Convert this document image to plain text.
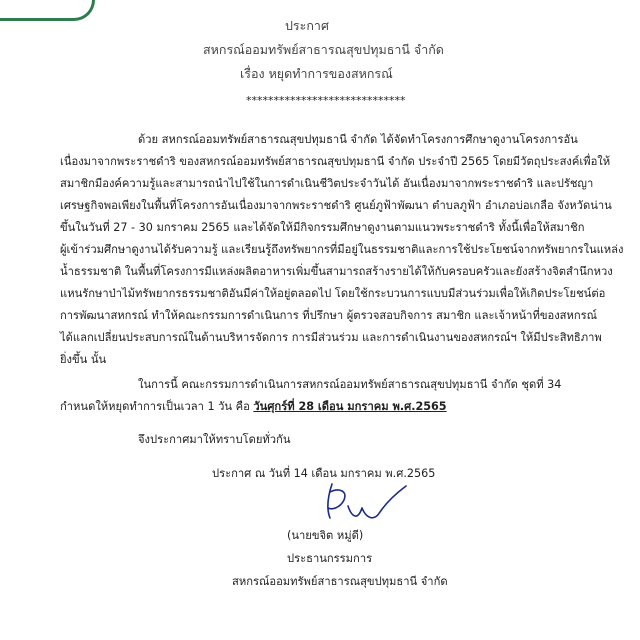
ประกาศ
สหกรณ์ออมทรัพย์สาธารณสุขปทุมธานี จำกัด
เรื่อง หยุดทำการของสหกรณ์
*****************************
ด้วย สหกรณ์ออมทรัพย์สาธารณสุขปทุมธานี จำกัด ได้จัดทำโครงการศึกษาดูงานโครงการอัน
เนื่องมาจากพระราชดำริ ของสหกรณ์ออมทรัพย์สาธารณสุขปทุมธานี จำกัด ประจำปี 2565 โดยมีวัตถุประสงค์เพื่อให้
สมาชิกมีองค์ความรู้และสามารถนำไปใช้ในการดำเนินชีวิตประจำวันได้ อันเนื่องมาจากพระราชดำริ และปรัชญา
เศรษฐกิจพอเพียงในพื้นที่โครงการอันเนื่องมาจากพระราชดำริ ศูนย์ภูฟ้าพัฒนา ตำบลภูฟ้า อำเภอบ่อเกลือ จังหวัดน่าน
ขึ้นในวันที่ 27 - 30 มกราคม 2565 และได้จัดให้มีกิจกรรมศึกษาดูงานตามแนวพระราชดำริ ทั้งนี้เพื่อให้สมาชิก
ผู้เข้าร่วมศึกษาดูงานได้รับความรู้ และเรียนรู้ถึงทรัพยากรที่มีอยู่ในธรรมชาติและการใช้ประโยชน์จากทรัพยากรในแหล่ง
น้ำธรรมชาติ ในพื้นที่โครงการมีแหล่งผลิตอาหารเพิ่มขึ้นสามารถสร้างรายได้ให้กับครอบครัวและยังสร้างจิตสำนึกหวง
แหนรักษาป่าไม้ทรัพยากรธรรมชาติอันมีค่าให้อยู่ตลอดไป โดยใช้กระบวนการแบบมีส่วนร่วมเพื่อให้เกิดประโยชน์ต่อ
การพัฒนาสหกรณ์ ทำให้คณะกรรมการดำเนินการ ที่ปรึกษา ผู้ตรวจสอบกิจการ สมาชิก และเจ้าหน้าที่ของสหกรณ์
ได้แลกเปลี่ยนประสบการณ์ในด้านบริหารจัดการ การมีส่วนร่วม และการดำเนินงานของสหกรณ์ฯ ให้มีประสิทธิภาพ
ยิ่งขึ้น นั้น
ในการนี้ คณะกรรมการดำเนินการสหกรณ์ออมทรัพย์สาธารณสุขปทุมธานี จำกัด ชุดที่ 34
กำหนดให้หยุดทำการเป็นเวลา 1 วัน คือ วันศุกร์ที่ 28 เดือน มกราคม พ.ศ.2565
จึงประกาศมาให้ทราบโดยทั่วกัน
ประกาศ ณ วันที่ 14 เดือน มกราคม พ.ศ.2565
(นายขจิต หมู่ดี)
ประธานกรรมการ
สหกรณ์ออมทรัพย์สาธารณสุขปทุมธานี จำกัด
